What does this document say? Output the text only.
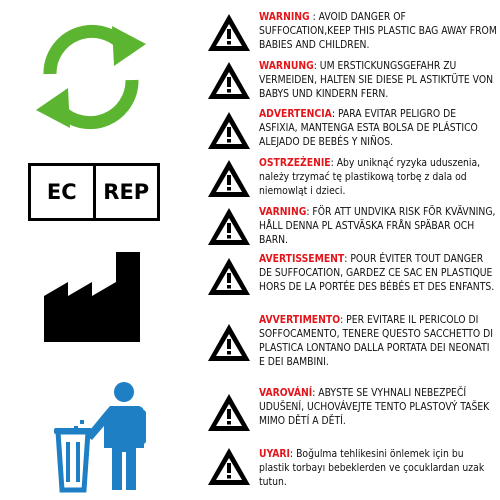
EC	REP
WARNING : AVOID DANGER OF SUFFOCATION,KEEP THIS PLASTIC BAG AWAY FROM BABIES AND CHILDREN.
WARNUNG: UM ERSTICKUNGSGEFAHR ZU VERMEIDEN, HALTEN SIE DIESE PL ASTIKTÜTE VON BABYS UND KINDERN FERN.
ADVERTENCIA: PARA EVITAR PELIGRO DE ASFIXIA, MANTENGA ESTA BOLSA DE PLÁSTICO ALEJADO DE BEBÉS Y NIÑOS.
OSTRZEŻENIE: Aby uniknąć ryzyka uduszenia, należy trzymać tę plastikową torbę z dala od niemowląt i dzieci.
VARNING: FÖR ATT UNDVIKA RISK FÖR KVÄVNING, HÅLL DENNA PL ASTVÄSKA FRÅN SPÄBAR OCH BARN.
AVERTISSEMENT: POUR ÉVITER TOUT DANGER DE SUFFOCATION, GARDEZ CE SAC EN PLASTIQUE HORS DE LA PORTÉE DES BÉBÉS ET DES ENFANTS.
AVVERTIMENTO: PER EVITARE IL PERICOLO DI SOFFOCAMENTO, TENERE QUESTO SACCHETTO DI PLASTICA LONTANO DALLA PORTATA DEI NEONATI E DEI BAMBINI.
VAROVÁNÍ: ABYSTE SE VYHNALI NEBEZPEČÍ UDUŠENÍ, UCHOVÁVEJTE TENTO PLASTOVÝ TAŠEK MIMO DĚTÍ A DĚTÍ.
UYARI: Boğulma tehlikesini önlemek için bu plastik torbayı bebeklerden ve çocuklardan uzak tutun.
